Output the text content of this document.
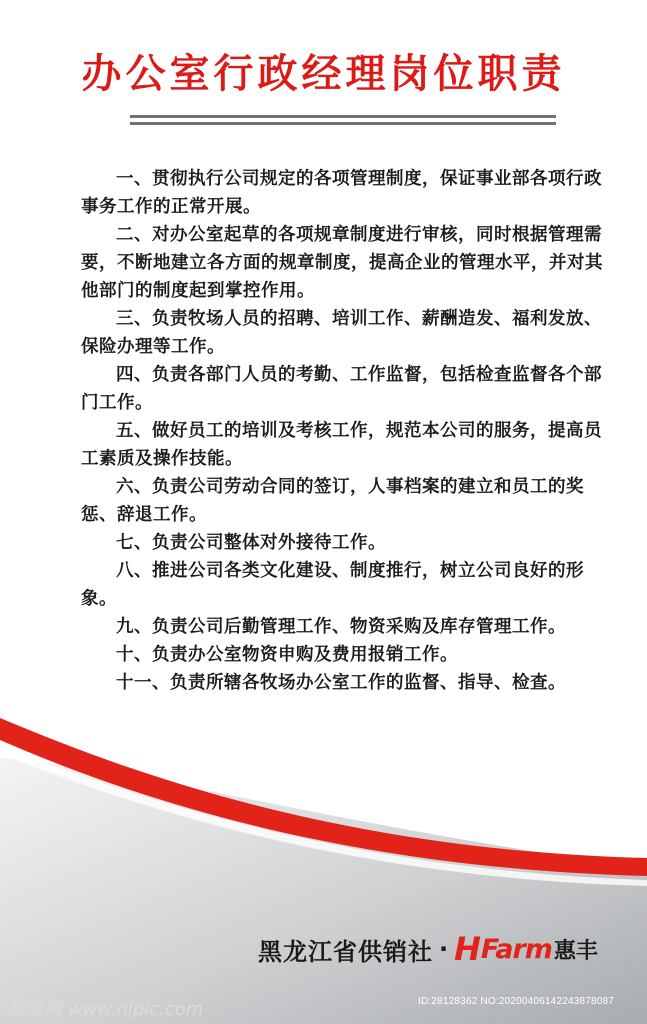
办公室行政经理岗位职责
一、贯彻执行公司规定的各项管理制度，保证事业部各项行政事务工作的正常开展。
二、对办公室起草的各项规章制度进行审核，同时根据管理需要，不断地建立各方面的规章制度，提高企业的管理水平，并对其他部门的制度起到掌控作用。
三、负责牧场人员的招聘、培训工作、薪酬造发、福利发放、保险办理等工作。
四、负责各部门人员的考勤、工作监督，包括检查监督各个部门工作。
五、做好员工的培训及考核工作，规范本公司的服务，提高员工素质及操作技能。
六、负责公司劳动合同的签订，人事档案的建立和员工的奖惩、辞退工作。
七、负责公司整体对外接待工作。
八、推进公司各类文化建设、制度推行，树立公司良好的形象。
九、负责公司后勤管理工作、物资采购及库存管理工作。
十、负责办公室物资申购及费用报销工作。
十一、负责所辖各牧场办公室工作的监督、指导、检查。
黑龙江省供销社 · H Farm 惠丰
昵享网 www.nipic.com	ID:28128362 NO:20200406142243878087
